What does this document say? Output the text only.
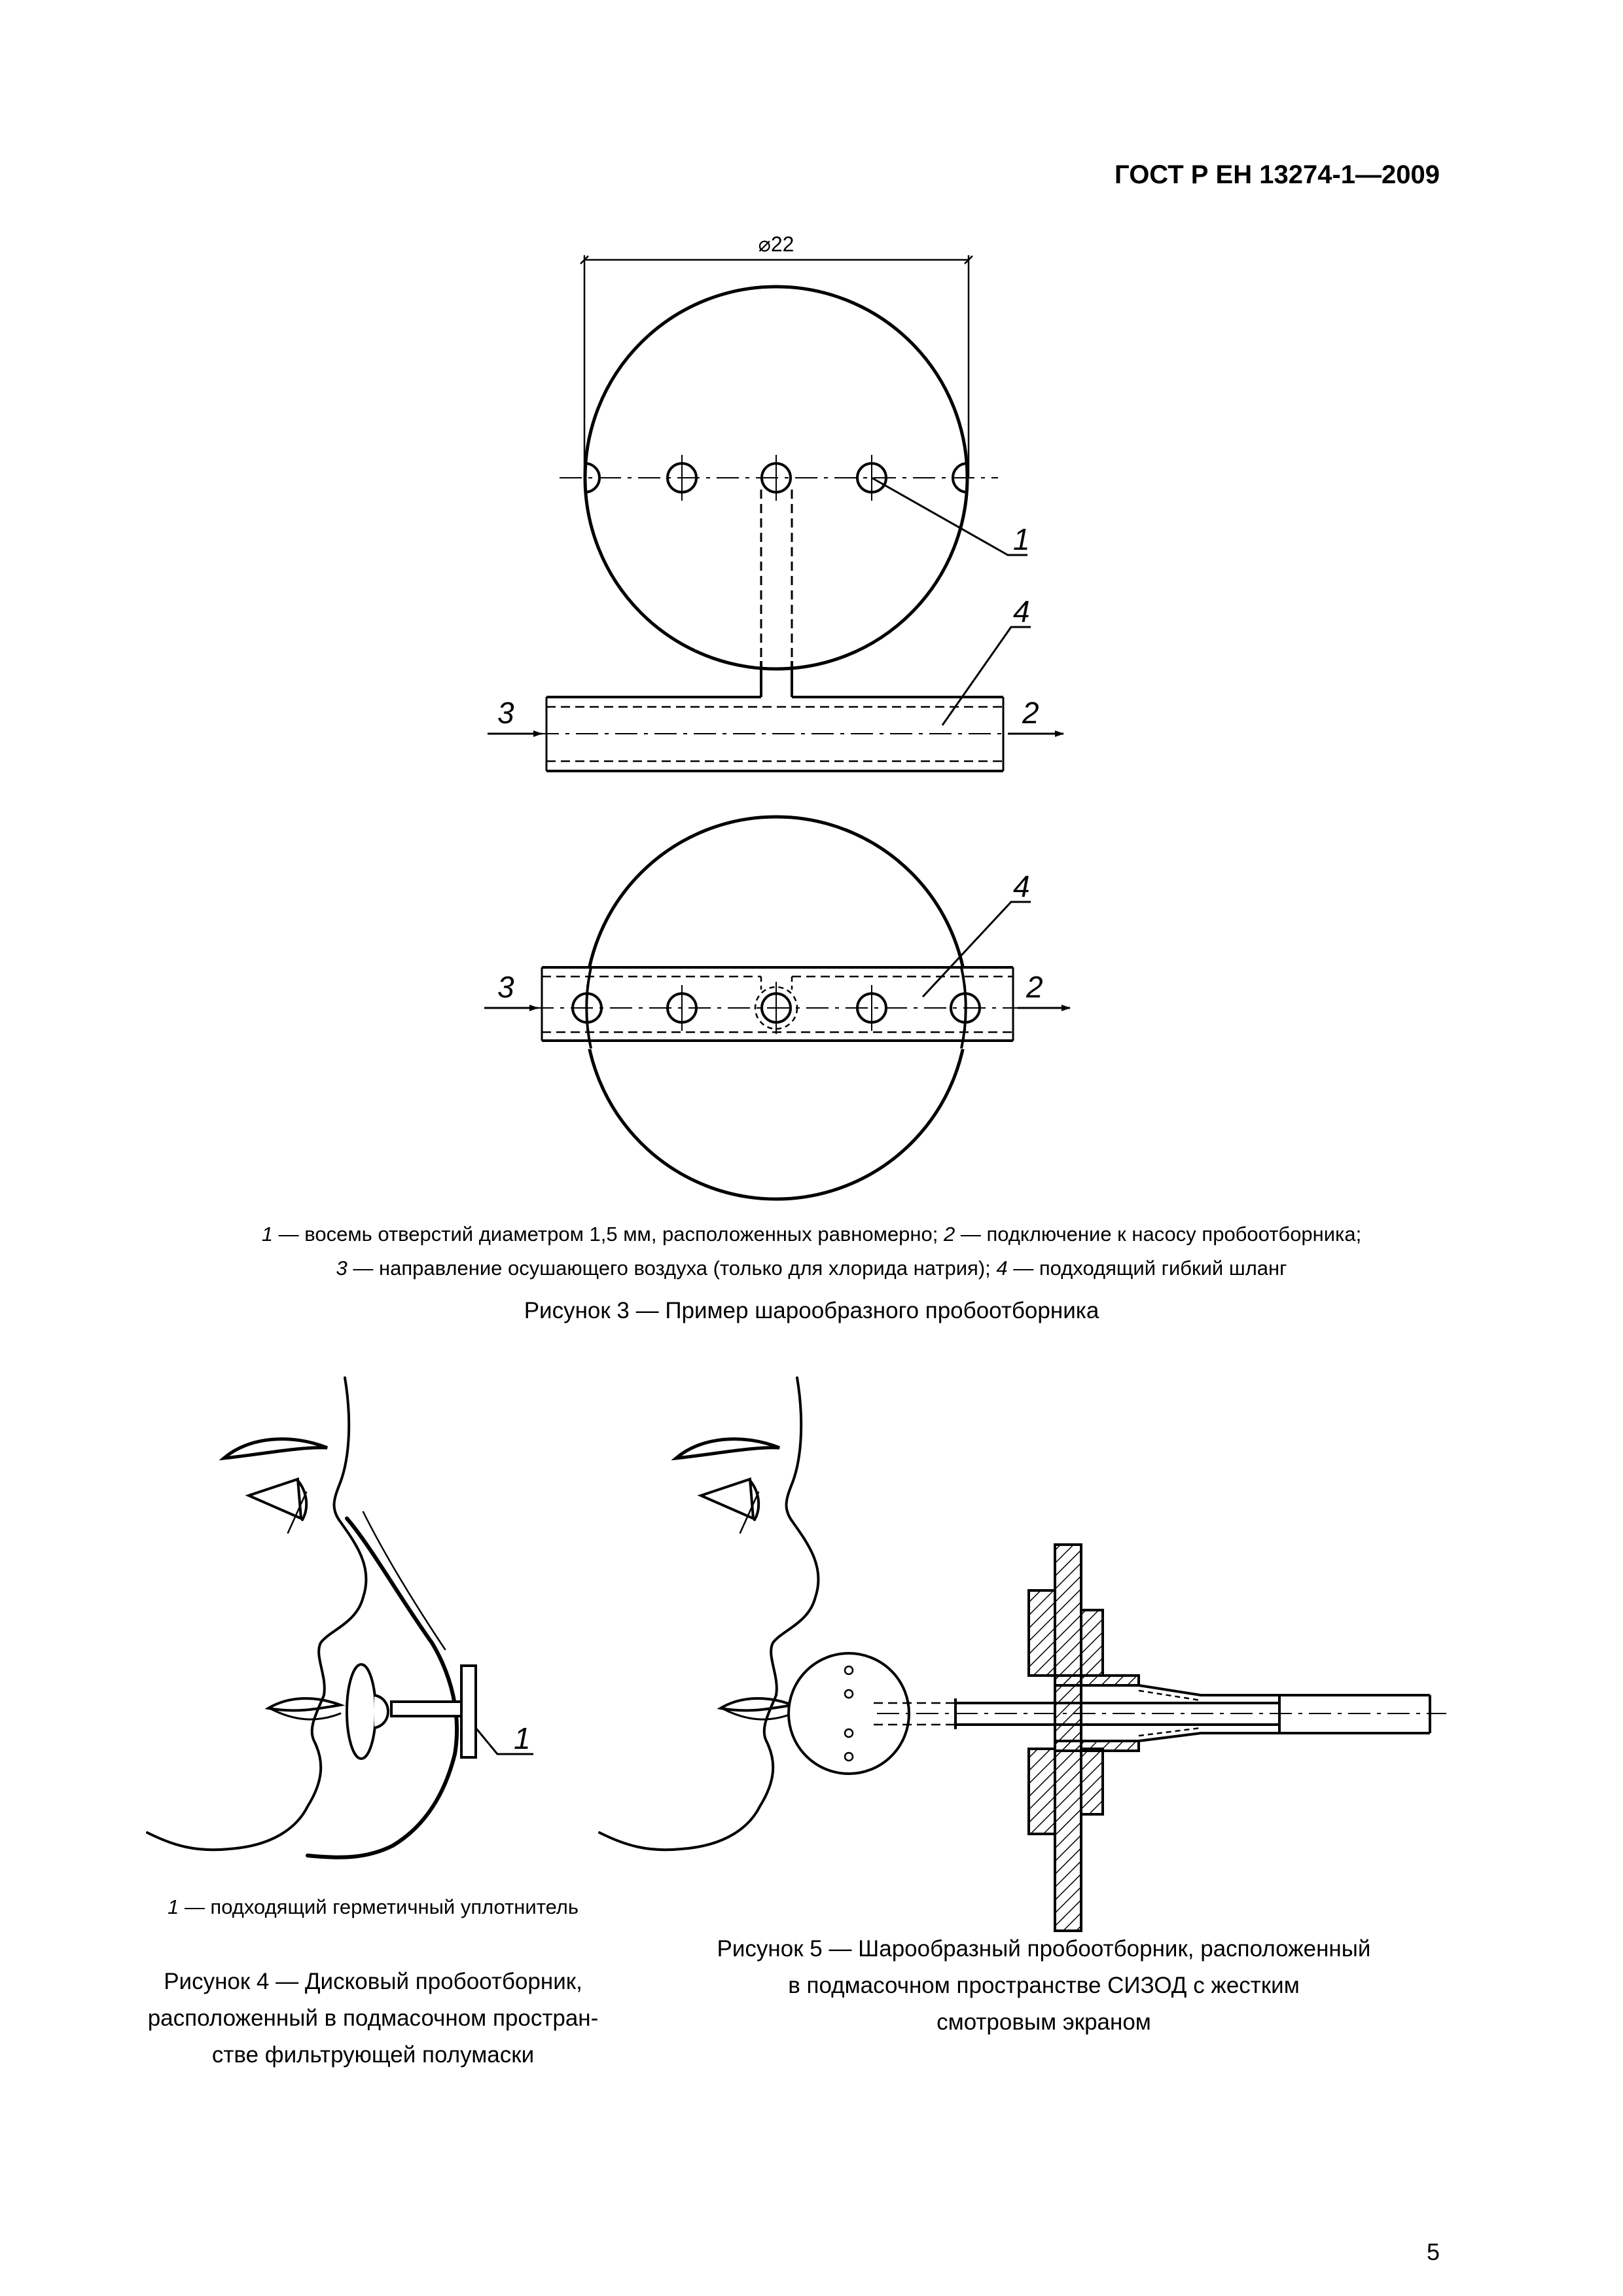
ГОСТ Р ЕН 13274-1—2009
⌀22
1
4
3	2
4
3	2
1 — восемь отверстий диаметром 1,5 мм, расположенных равномерно; 2 — подключение к насосу пробоотборника;
3 — направление осушающего воздуха (только для хлорида натрия); 4 — подходящий гибкий шланг
Рисунок 3 — Пример шарообразного пробоотборника
1
1 — подходящий герметичный уплотнитель
Рисунок 4 — Дисковый пробоотборник,
расположенный в подмасочном простран-
стве фильтрующей полумаски
Рисунок 5 — Шарообразный пробоотборник, расположенный
в подмасочном пространстве СИЗОД с жестким
смотровым экраном
5
